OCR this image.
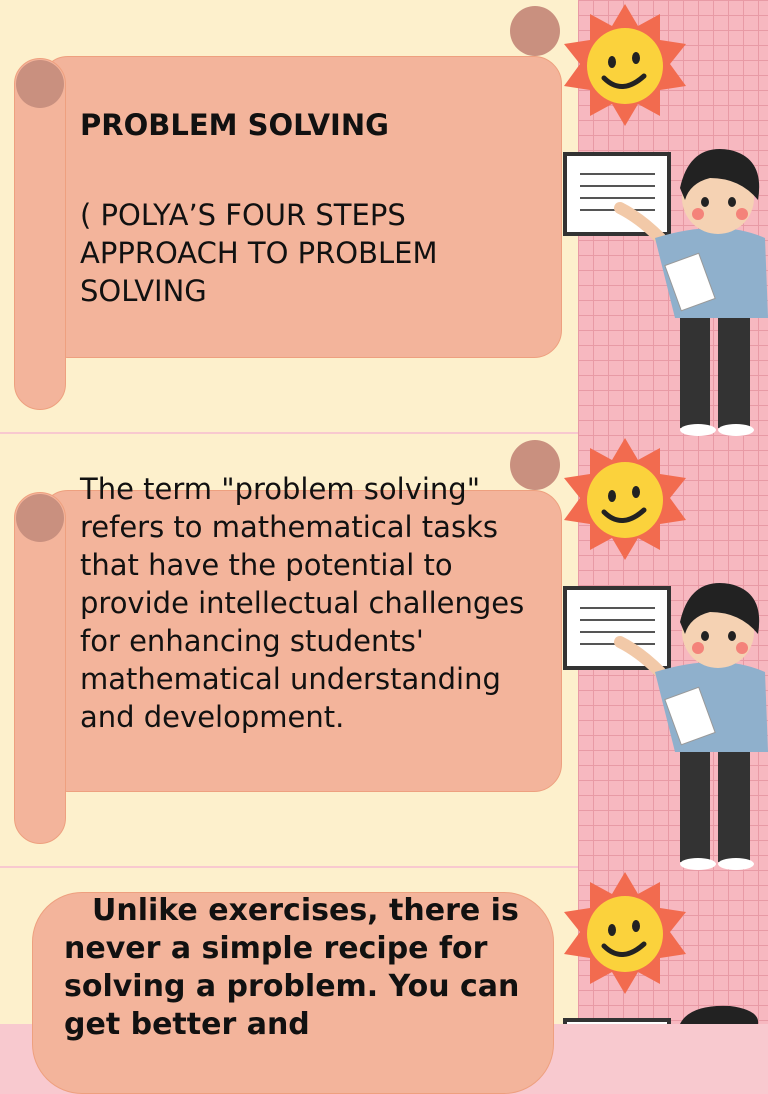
PROBLEM SOLVING
( POLYA’S FOUR STEPS APPROACH TO PROBLEM SOLVING
The term "problem solving" refers to mathematical tasks that have the potential to provide intellectual challenges for enhancing students' mathematical understanding and development.
Unlike exercises, there is never a simple recipe for solving a problem. You can get better and
